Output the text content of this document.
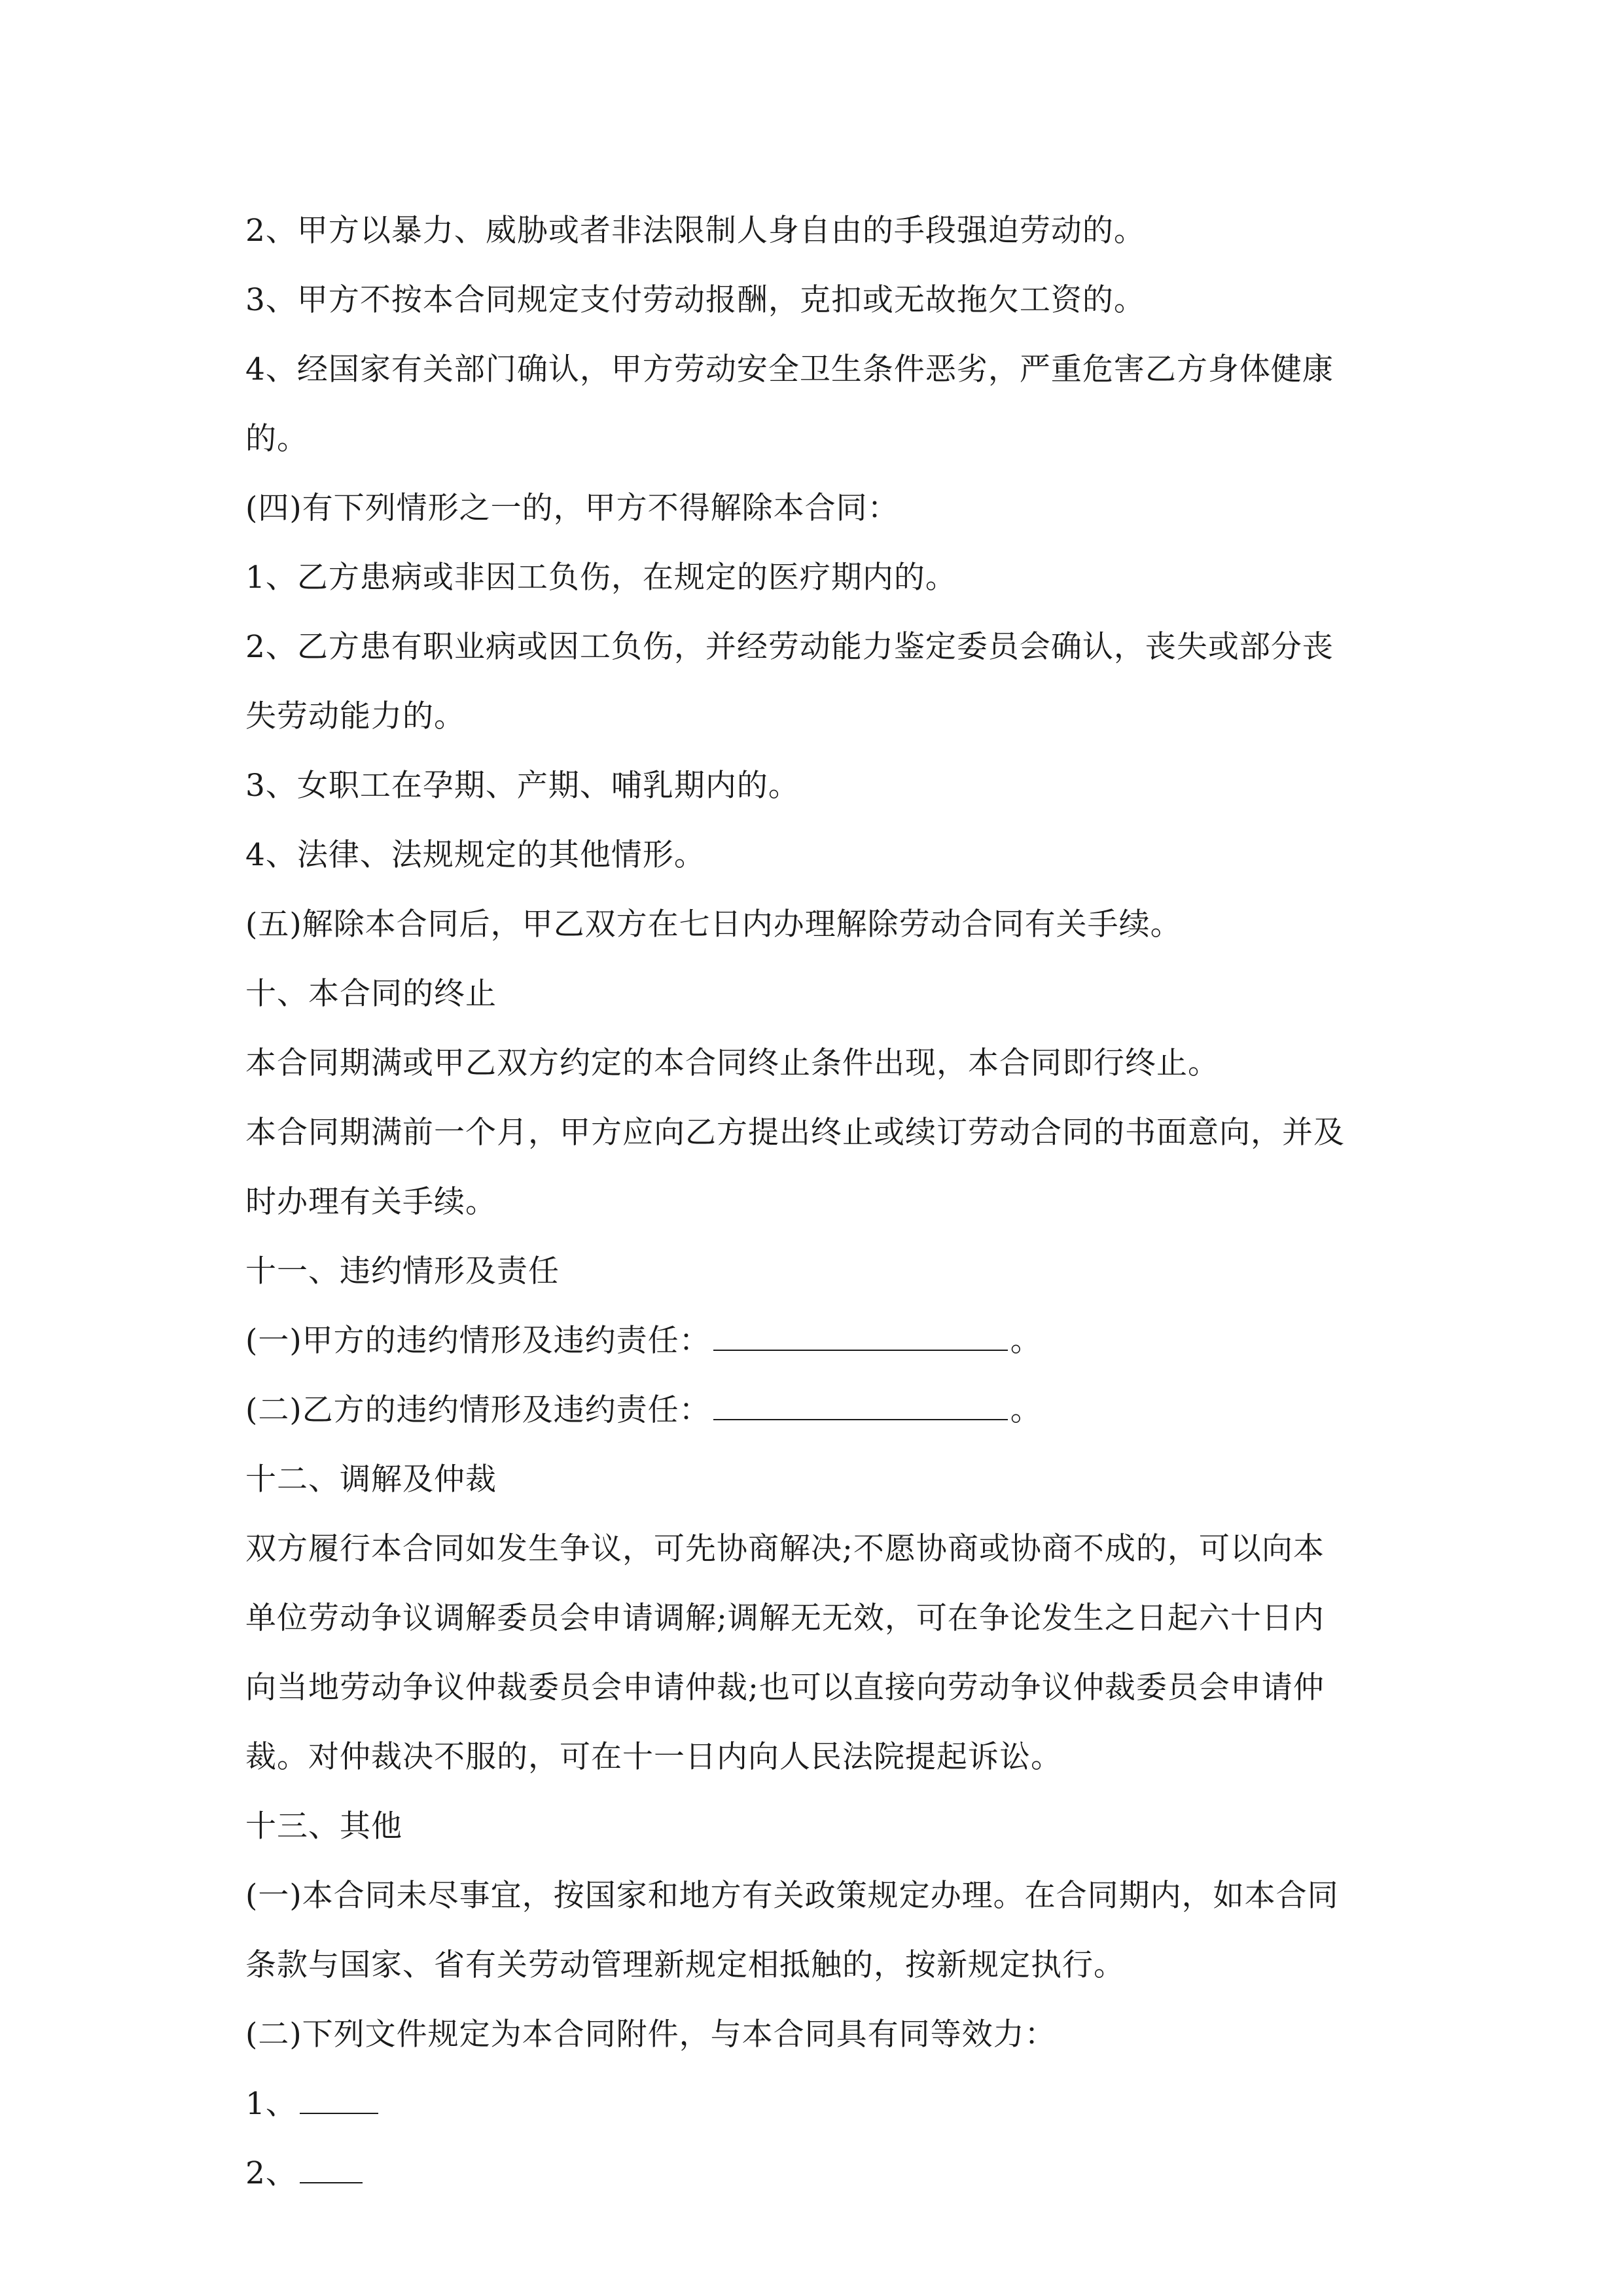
2、甲方以暴力、威胁或者非法限制人身自由的手段强迫劳动的。

3、甲方不按本合同规定支付劳动报酬，克扣或无故拖欠工资的。

4、经国家有关部门确认，甲方劳动安全卫生条件恶劣，严重危害乙方身体健康

的。

(四)有下列情形之一的，甲方不得解除本合同：

1、乙方患病或非因工负伤，在规定的医疗期内的。

2、乙方患有职业病或因工负伤，并经劳动能力鉴定委员会确认，丧失或部分丧

失劳动能力的。

3、女职工在孕期、产期、哺乳期内的。

4、法律、法规规定的其他情形。

(五)解除本合同后，甲乙双方在七日内办理解除劳动合同有关手续。

十、本合同的终止

本合同期满或甲乙双方约定的本合同终止条件出现，本合同即行终止。

本合同期满前一个月，甲方应向乙方提出终止或续订劳动合同的书面意向，并及

时办理有关手续。

十一、违约情形及责任

(一)甲方的违约情形及违约责任：	。

(二)乙方的违约情形及违约责任：	。

十二、调解及仲裁

双方履行本合同如发生争议，可先协商解决;不愿协商或协商不成的，可以向本

单位劳动争议调解委员会申请调解;调解无无效，可在争论发生之日起六十日内

向当地劳动争议仲裁委员会申请仲裁;也可以直接向劳动争议仲裁委员会申请仲

裁。对仲裁决不服的，可在十一日内向人民法院提起诉讼。

十三、其他

(一)本合同未尽事宜，按国家和地方有关政策规定办理。在合同期内，如本合同

条款与国家、省有关劳动管理新规定相抵触的，按新规定执行。

(二)下列文件规定为本合同附件，与本合同具有同等效力：

1、

2、
